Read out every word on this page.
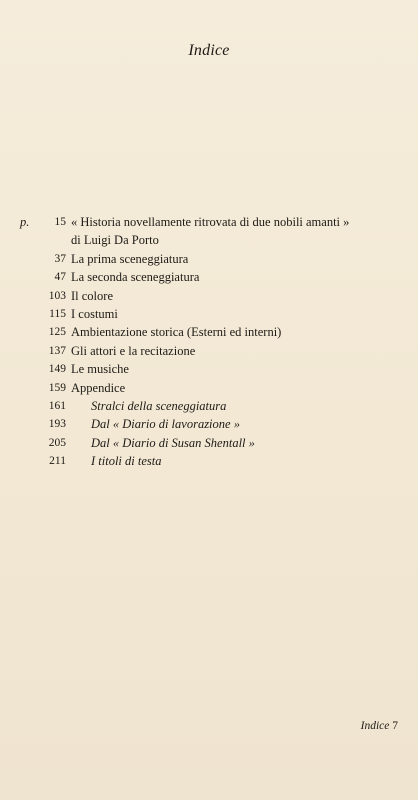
Indice
p. 15 « Historia novellamente ritrovata di due nobili amanti »
di Luigi Da Porto
37 La prima sceneggiatura
47 La seconda sceneggiatura
103 Il colore
115 I costumi
125 Ambientazione storica (Esterni ed interni)
137 Gli attori e la recitazione
149 Le musiche
159 Appendice
161 Stralci della sceneggiatura
193 Dal « Diario di lavorazione »
205 Dal « Diario di Susan Shentall »
211 I titoli di testa
Indice 7
